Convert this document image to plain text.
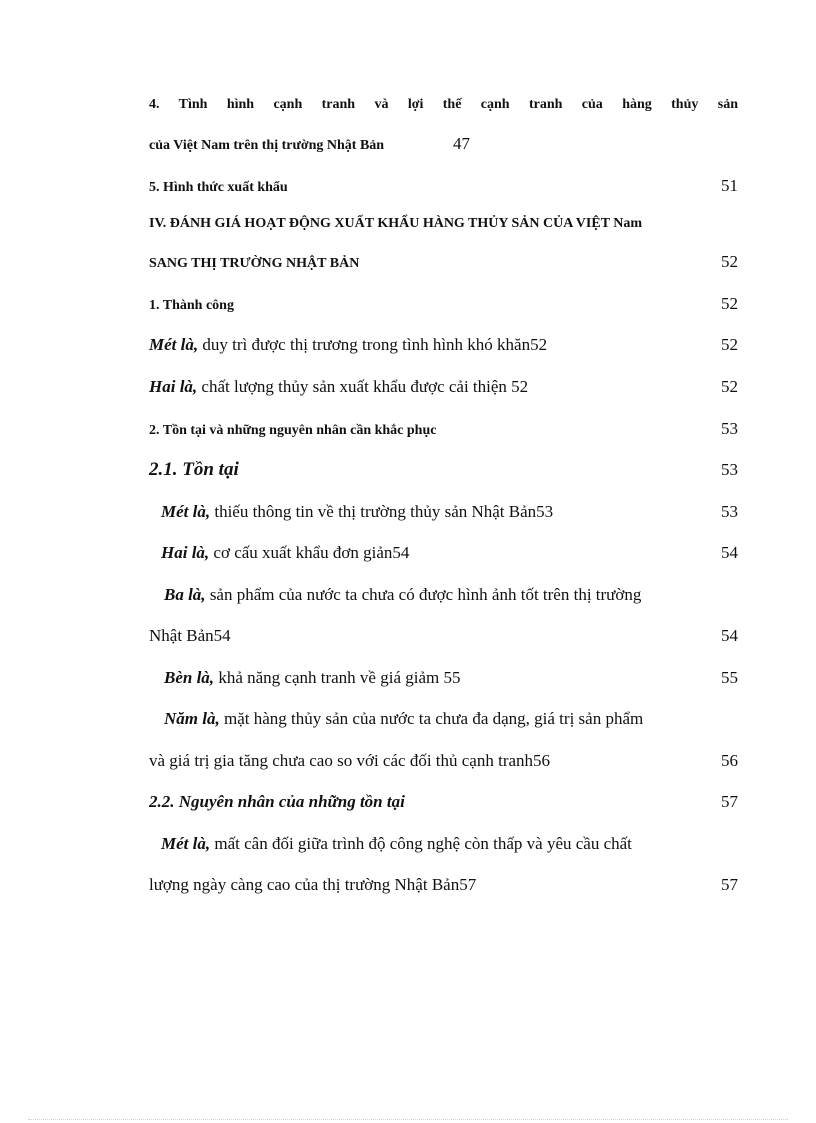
4. Tình hình cạnh tranh và lợi thế cạnh tranh của hàng thủy sản
của Việt Nam trên thị trường Nhật Bản	47
5. Hình thức xuất khẩu	51
IV. ĐÁNH GIÁ HOẠT ĐỘNG XUẤT KHẨU HÀNG THỦY SẢN CỦA VIỆT Nam
SANG THỊ TRƯỜNG NHẬT BẢN	52
1. Thành công	52
Mét là, duy trì được thị trương trong tình hình khó khăn52	52
Hai là, chất lượng thủy sản xuất khẩu được cải thiện 52	52
2. Tồn tại và những nguyên nhân cần khắc phục	53
2.1. Tồn tại	53
Mét là, thiếu thông tin về thị trường thủy sản Nhật Bản53	53
Hai là, cơ cấu xuất khẩu đơn giản54	54
Ba là, sản phẩm của nước ta chưa có được hình ảnh tốt trên thị trường
Nhật Bản54	54
Bèn là, khả năng cạnh tranh về giá giảm 55	55
Năm là, mặt hàng thủy sản của nước ta chưa đa dạng, giá trị sản phẩm
và giá trị gia tăng chưa cao so với các đối thủ cạnh tranh56	56
2.2. Nguyên nhân của những tồn tại	57
Mét là, mất cân đối giữa trình độ công nghệ còn thấp và yêu cầu chất
lượng ngày càng cao của thị trường Nhật Bản57	57
